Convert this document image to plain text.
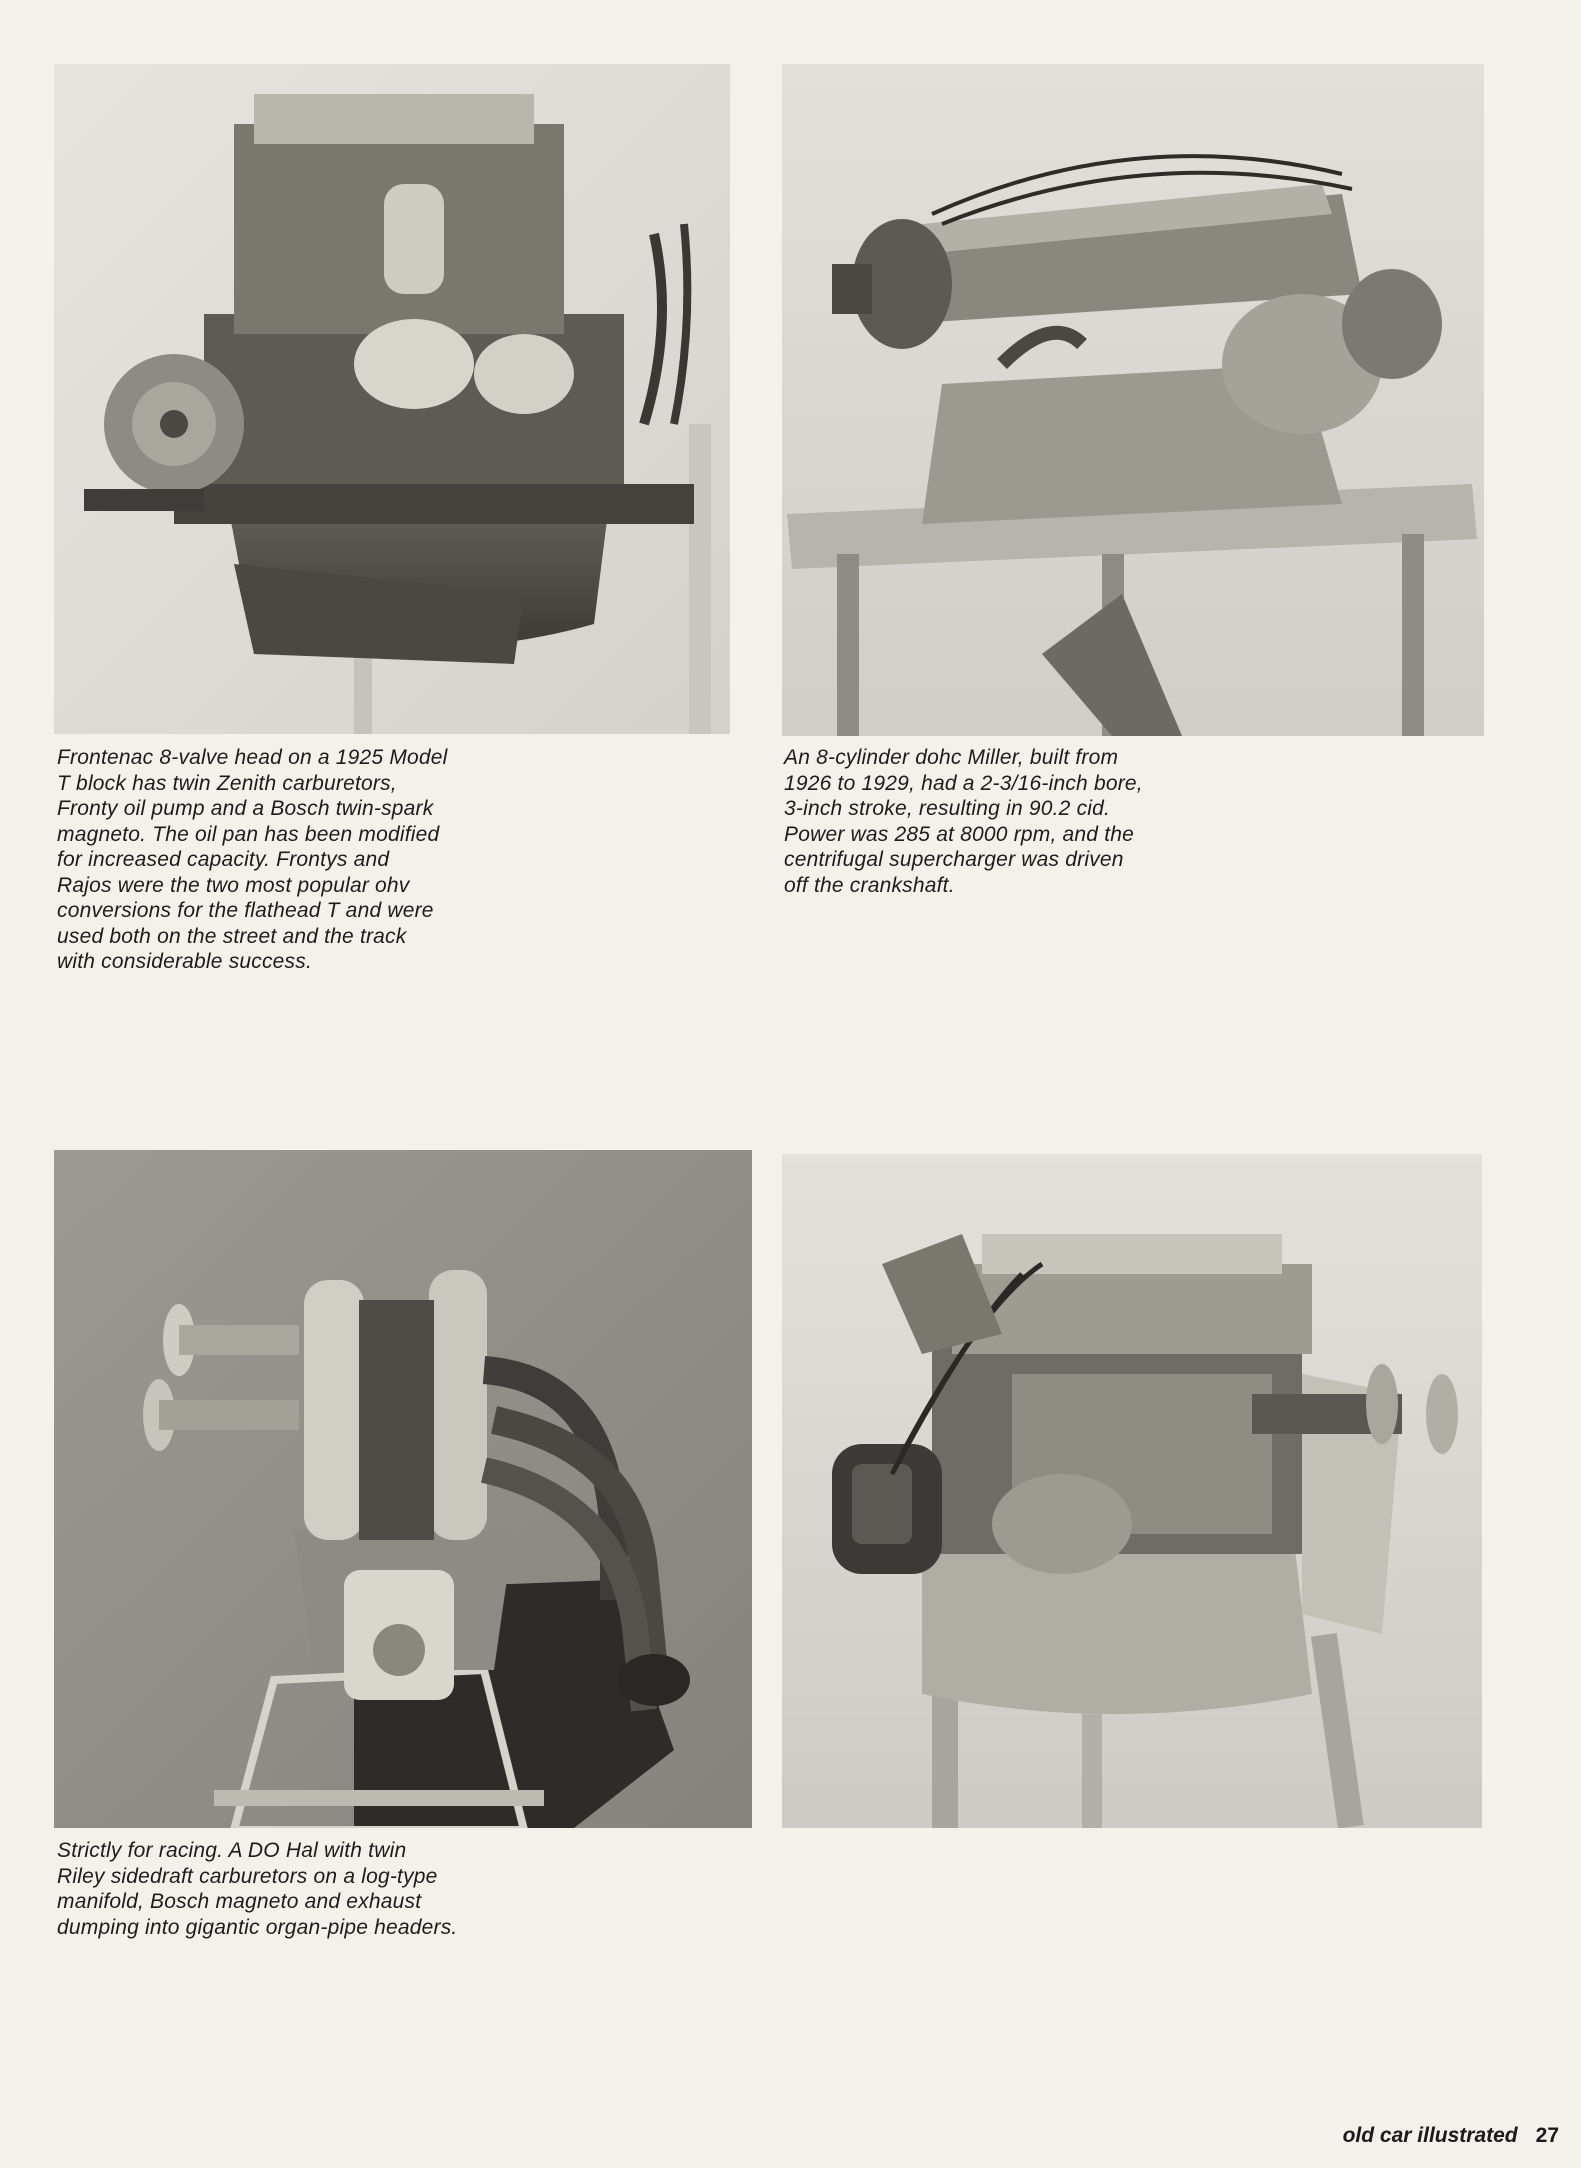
Frontenac 8-valve head on a 1925 Model
T block has twin Zenith carburetors,
Fronty oil pump and a Bosch twin-spark
magneto. The oil pan has been modified
for increased capacity. Frontys and
Rajos were the two most popular ohv
conversions for the flathead T and were
used both on the street and the track
with considerable success.

An 8-cylinder dohc Miller, built from
1926 to 1929, had a 2-3/16-inch bore,
3-inch stroke, resulting in 90.2 cid.
Power was 285 at 8000 rpm, and the
centrifugal supercharger was driven
off the crankshaft.

Strictly for racing. A DO Hal with twin
Riley sidedraft carburetors on a log-type
manifold, Bosch magneto and exhaust
dumping into gigantic organ-pipe headers.

old car illustrated 27
